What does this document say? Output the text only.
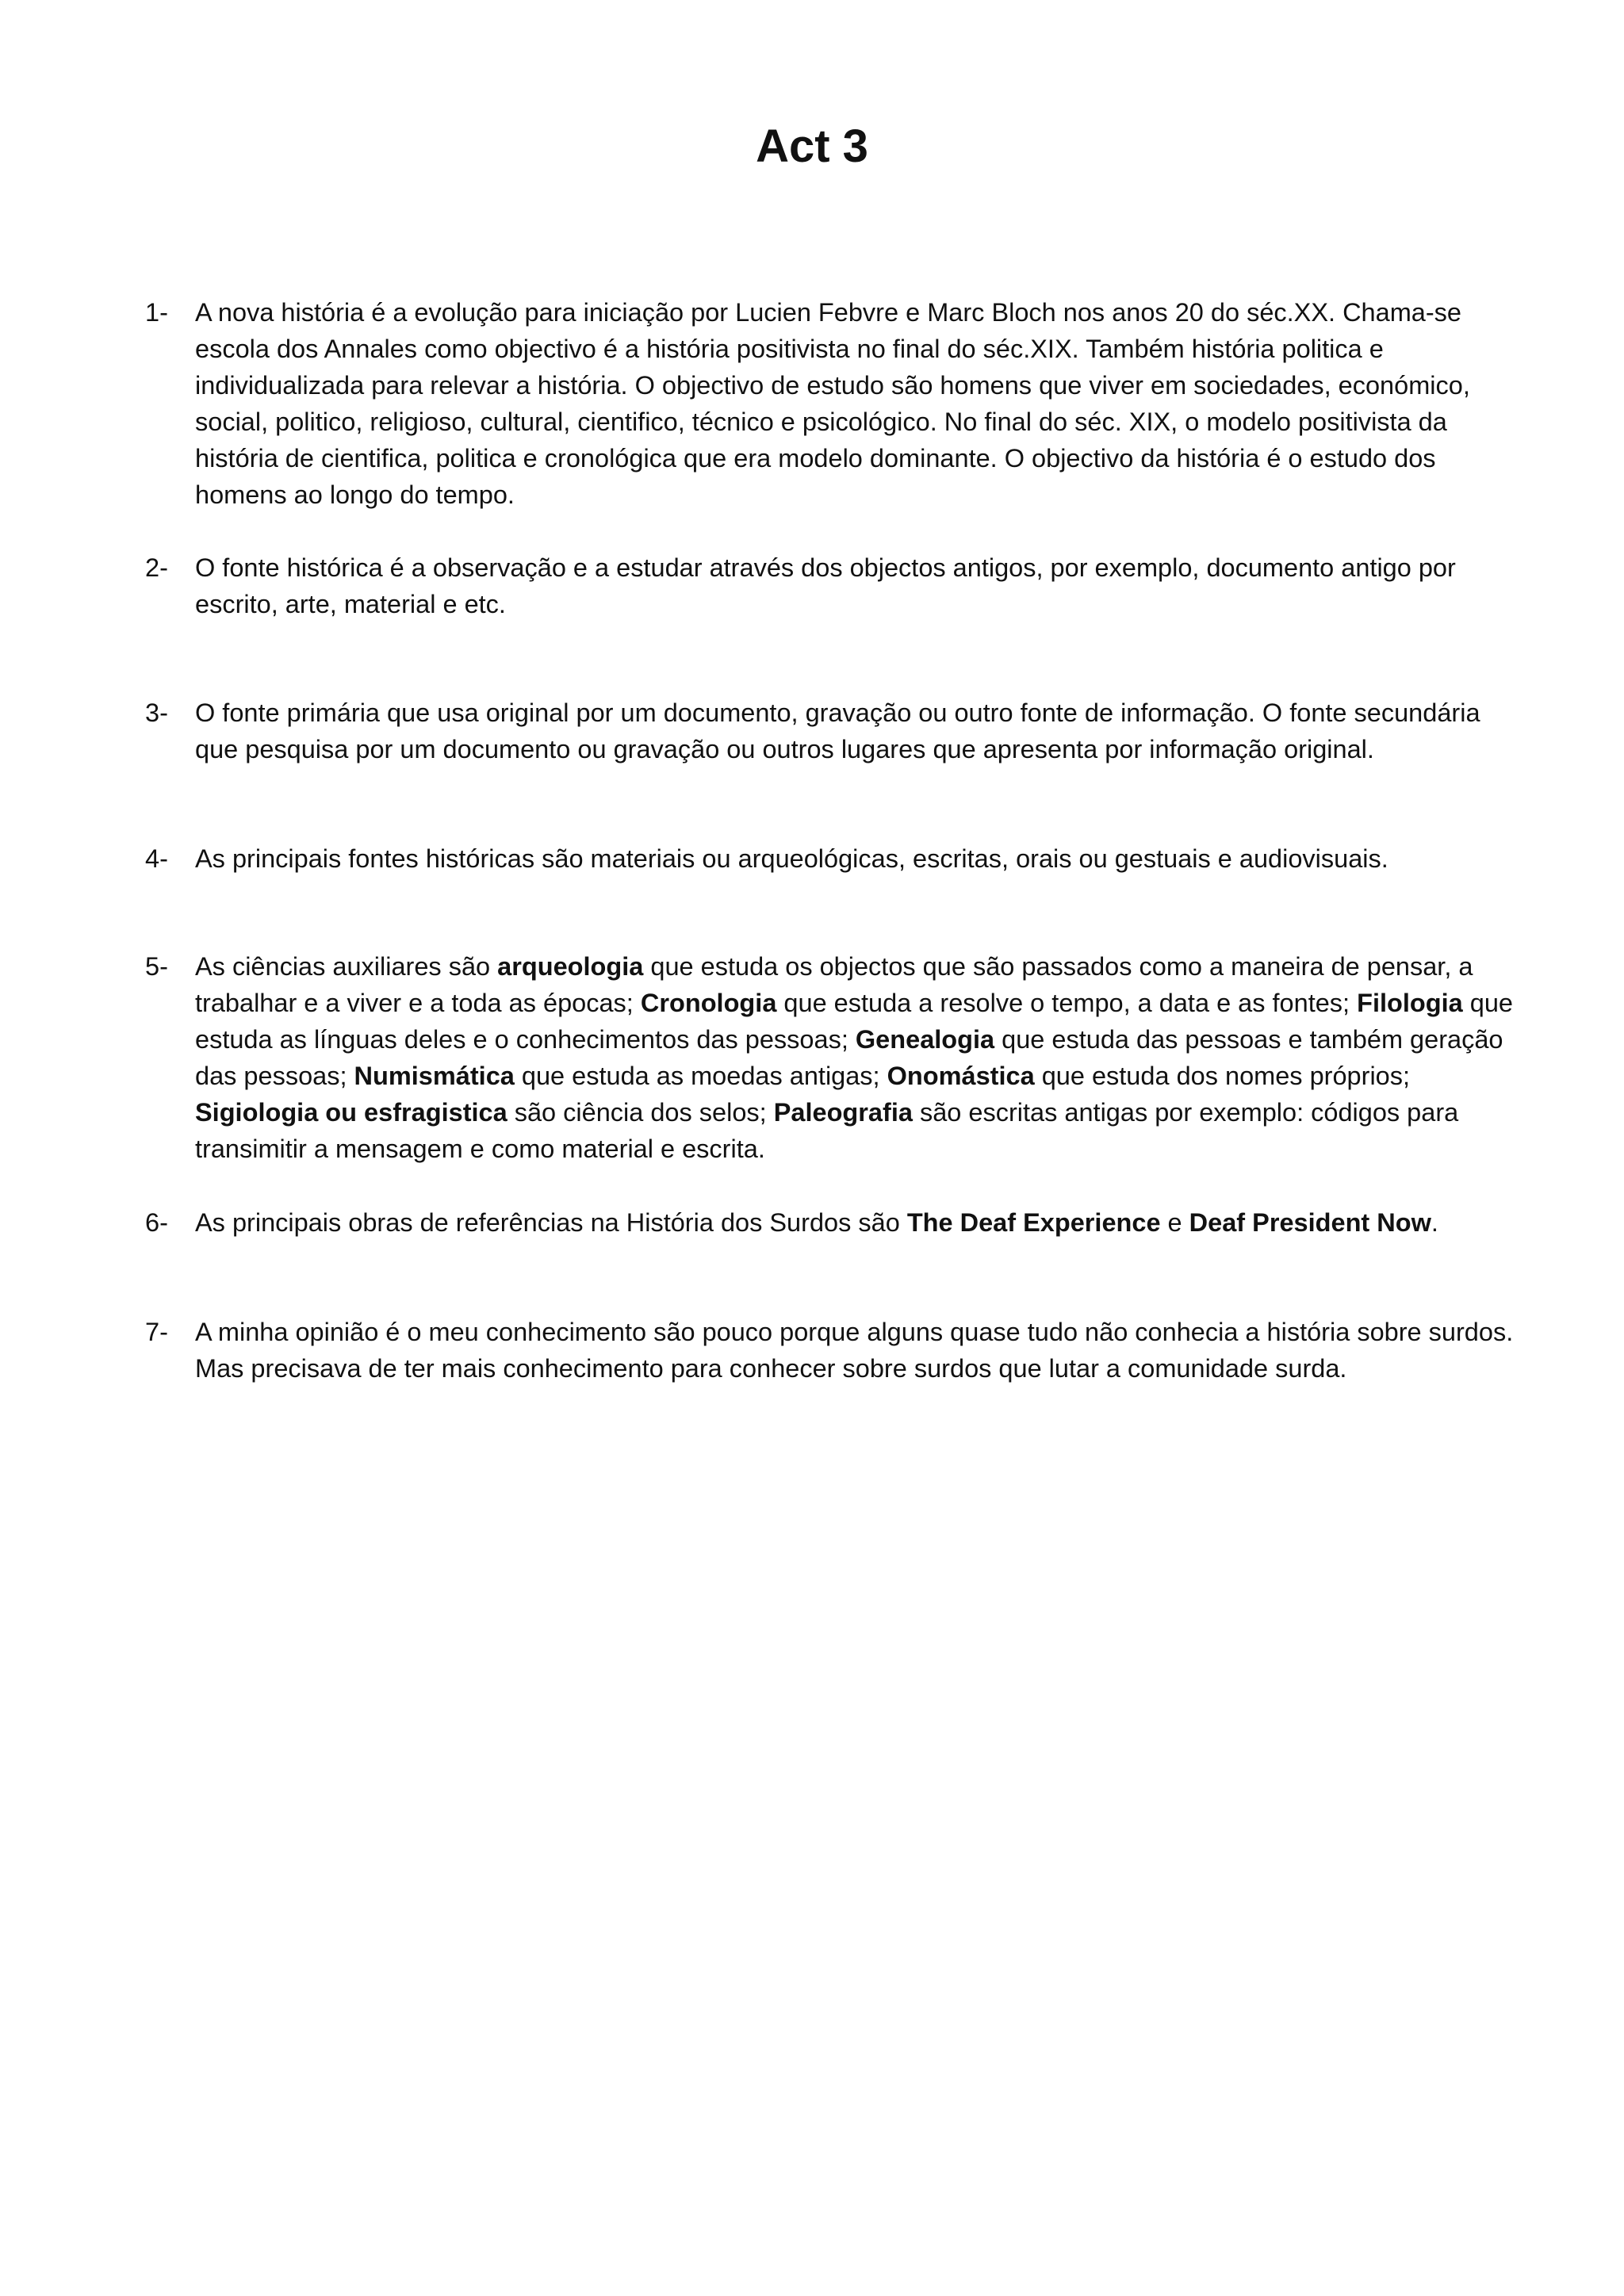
Act 3
1- A nova história é a evolução para iniciação por Lucien Febvre e Marc Bloch nos anos 20 do séc.XX. Chama-se escola dos Annales como objectivo é a história positivista no final do séc.XIX. Também história politica e individualizada para relevar a história. O objectivo de estudo são homens que viver em sociedades, económico, social, politico, religioso, cultural, cientifico, técnico e psicológico. No final do séc. XIX, o modelo positivista da história de cientifica, politica e cronológica que era modelo dominante. O objectivo da história é o estudo dos homens ao longo do tempo.
2- O fonte histórica é a observação e a estudar através dos objectos antigos, por exemplo, documento antigo por escrito, arte, material e etc.
3- O fonte primária que usa original por um documento, gravação ou outro fonte de informação. O fonte secundária que pesquisa por um documento ou gravação ou outros lugares que apresenta por informação original.
4- As principais fontes históricas são materiais ou arqueológicas, escritas, orais ou gestuais e audiovisuais.
5- As ciências auxiliares são arqueologia que estuda os objectos que são passados como a maneira de pensar, a trabalhar e a viver e a toda as épocas; Cronologia que estuda a resolve o tempo, a data e as fontes; Filologia que estuda as línguas deles e o conhecimentos das pessoas; Genealogia que estuda das pessoas e também geração das pessoas; Numismática que estuda as moedas antigas; Onomástica que estuda dos nomes próprios; Sigiologia ou esfragistica são ciência dos selos; Paleografia são escritas antigas por exemplo: códigos para transimitir a mensagem e como material e escrita.
6- As principais obras de referências na História dos Surdos são The Deaf Experience e Deaf President Now.
7- A minha opinião é o meu conhecimento são pouco porque alguns quase tudo não conhecia a história sobre surdos. Mas precisava de ter mais conhecimento para conhecer sobre surdos que lutar a comunidade surda.
